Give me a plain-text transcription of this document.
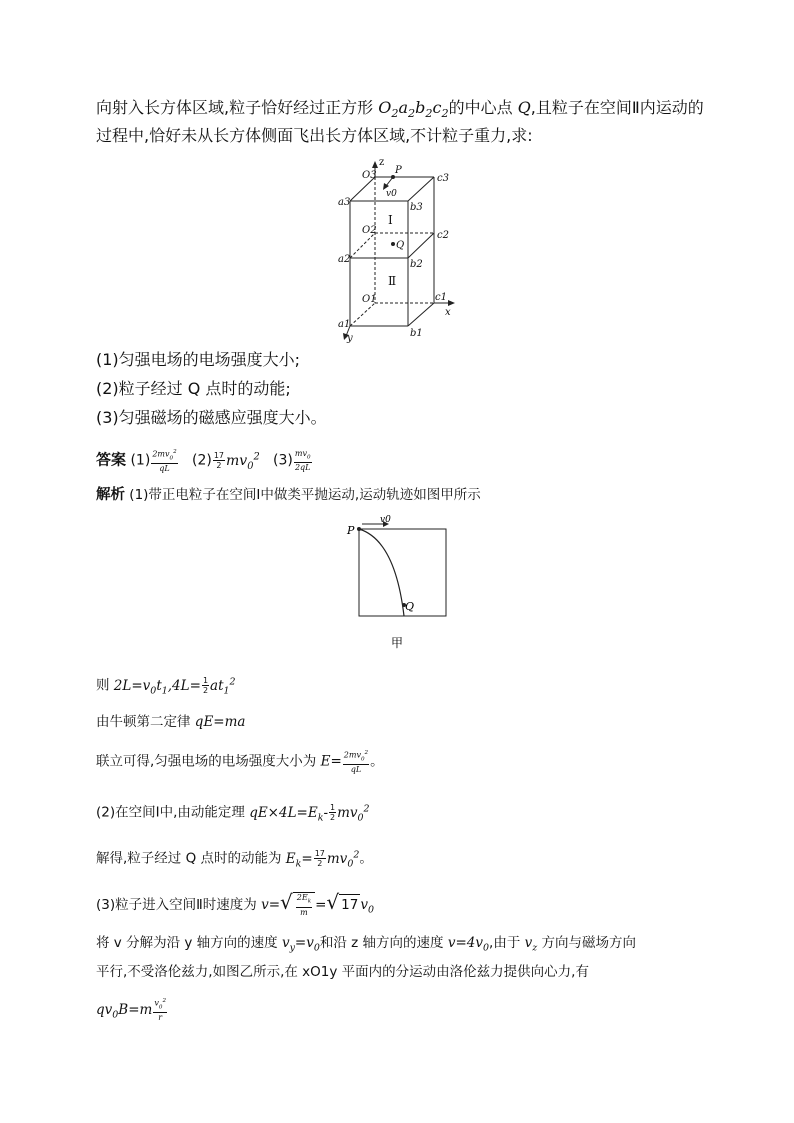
向射入长方体区域,粒子恰好经过正方形 $O_2a_2b_2c_2$的中心点 Q,且粒子在空间Ⅱ内运动的
过程中,恰好未从长方体侧面飞出长方体区域,不计粒子重力,求:
z
P
v0
O3
a3	b3
c3
Ⅰ
O2
Q
c2
a2	b2
Ⅱ
O1	c1
x
a1
y	b1
(1)匀强电场的电场强度大小;
(2)粒子经过 Q 点时的动能;
(3)匀强磁场的磁感应强度大小。
答案 $(1) \frac{2mv_0^2}{qL} (2) \frac{17}{2} mv_0^2$ $(3) \frac{mv_0}{2qL}$
解析 (1)带正电粒子在空间Ⅰ中做类平抛运动,运动轨迹如图甲所示
P
v0
Q
甲
则 $2L=v_0t_1,4L= \frac{1}{2} at_1^2$
由牛顿第二定律 qE=ma
联立可得,匀强电场的电场强度大小为 $E= \frac{2mv_0^2}{qL}$ 。
(2)在空间Ⅰ中,由动能定理 $qE\times 4L=E_k- \frac{1}{2} mv_0^2$
解得,粒子经过 Q 点时的动能为 $E_k= \frac{17}{2} mv_0^2$。
(3)粒子进入空间Ⅱ时速度为 $v=√ \frac{2E_k}{m}$ =√ 17 $v_0$
将 v 分解为沿 y 轴方向的速度 $v_y=v_0$和沿 z 轴方向的速度 $v=4v_0$,由于 $v_z$ 方向与磁场方向
平行,不受洛伦兹力,如图乙所示,在 xO1y 平面内的分运动由洛伦兹力提供向心力,有
$qv_0B=m \frac{v_0^2}{r}$
